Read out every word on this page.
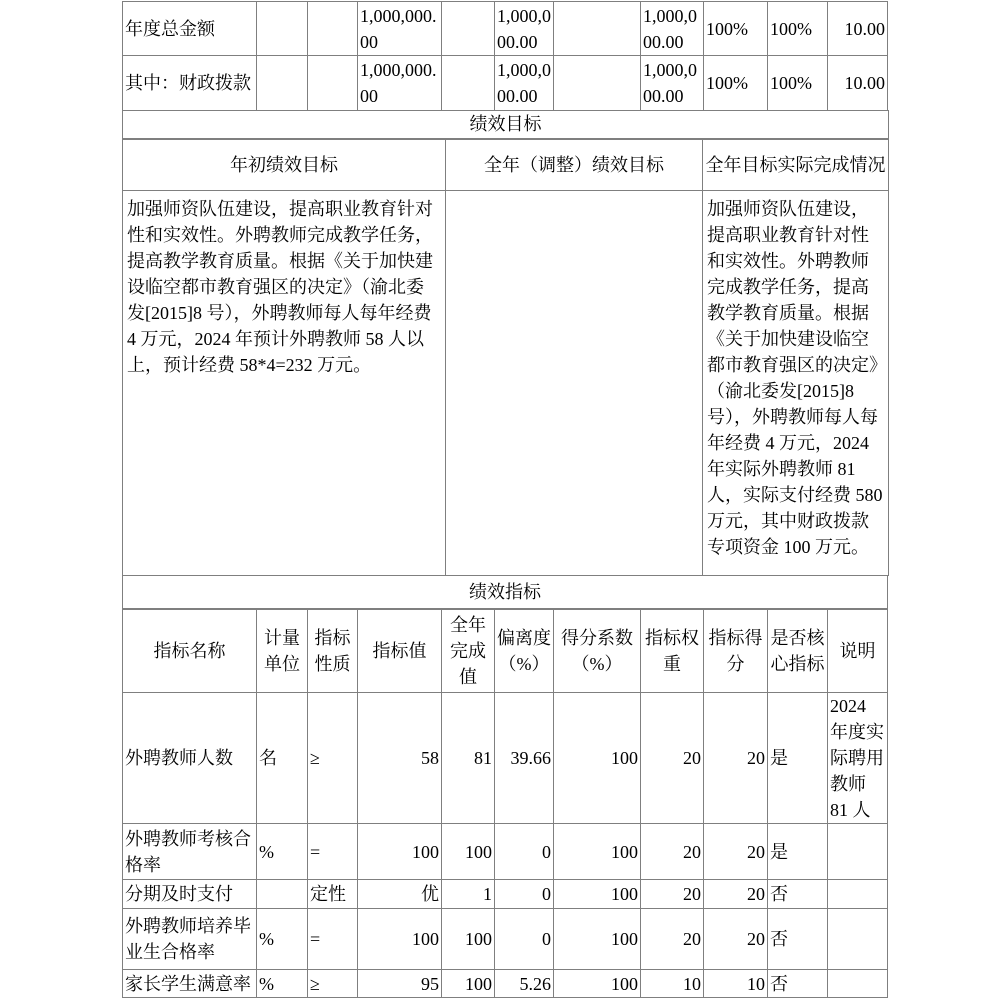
年度总金额			1,000,000.00		1,000,000.00		1,000,000.00	100%	100%	10.00
其中：财政拨款			1,000,000.00		1,000,000.00		1,000,000.00	100%	100%	10.00
绩效目标		
年初绩效目标	全年（调整）绩效目标	全年目标实际完成情况
加强师资队伍建设，提高职业教育针对性和实效性。外聘教师完成教学任务，提高教学教育质量。根据《关于加快建设临空都市教育强区的决定》（渝北委发[2015]8 号），外聘教师每人每年经费 4 万元，2024 年预计外聘教师 58 人以上，预计经费 58*4=232 万元。		加强师资队伍建设，提高职业教育针对性和实效性。外聘教师完成教学任务，提高教学教育质量。根据《关于加快建设临空都市教育强区的决定》（渝北委发[2015]8 号），外聘教师每人每年经费 4 万元，2024 年实际外聘教师 81 人，实际支付经费 580 万元，其中财政拨款专项资金 100 万元。
绩效指标										
指标名称	计量单位	指标性质	指标值	全年完成值	偏离度（%）	得分系数（%）	指标权重	指标得分	是否核心指标	说明
外聘教师人数	名	≥	58	81	39.66	100	20	20	是	2024 年度实际聘用教师 81 人
外聘教师考核合格率	%	=	100	100	0	100	20	20	是	
分期及时支付		定性	优	1	0	100	20	20	否	
外聘教师培养毕业生合格率	%	=	100	100	0	100	20	20	否	
家长学生满意率	%	≥	95	100	5.26	100	10	10	否	
